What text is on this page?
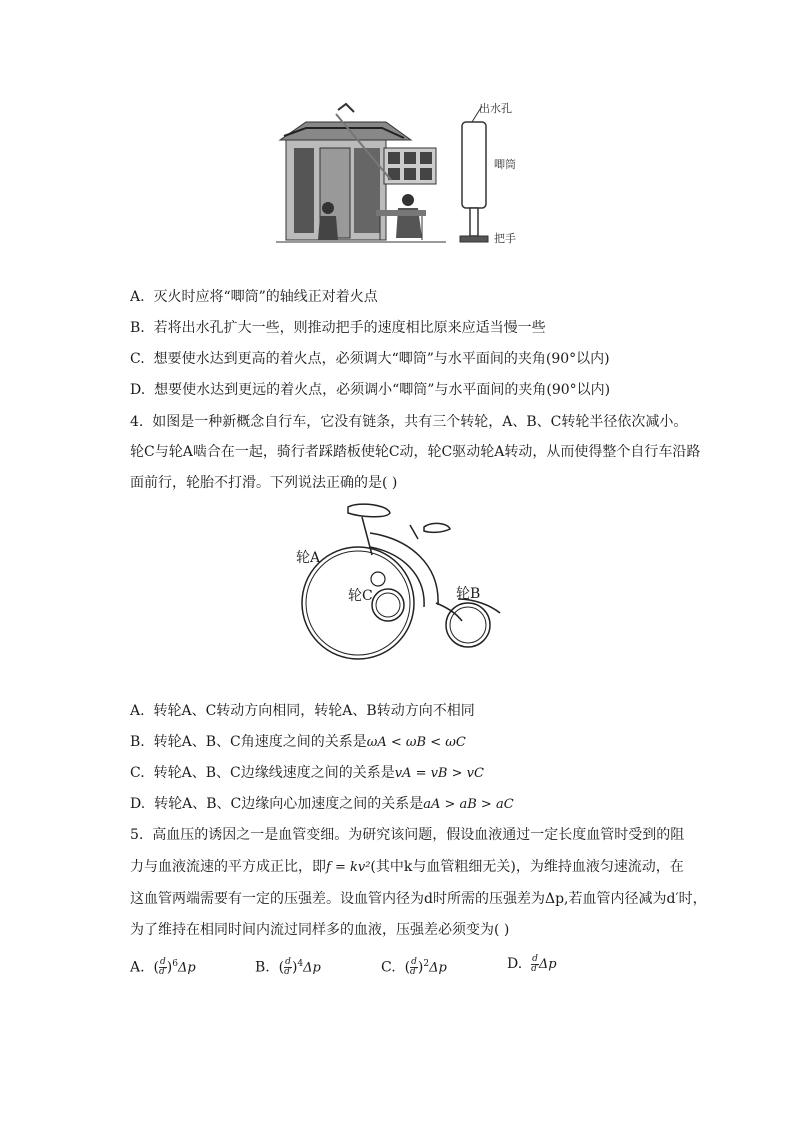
出水孔
唧筒
把手
A. 灭火时应将“唧筒”的轴线正对着火点
B. 若将出水孔扩大一些，则推动把手的速度相比原来应适当慢一些
C. 想要使水达到更高的着火点，必须调大“唧筒”与水平面间的夹角(90°以内)
D. 想要使水达到更远的着火点，必须调小“唧筒”与水平面间的夹角(90°以内)
4. 如图是一种新概念自行车，它没有链条，共有三个转轮，A、B、C转轮半径依次减小。
轮C与轮A啮合在一起，骑行者踩踏板使轮C动，轮C驱动轮A转动，从而使得整个自行车沿路
面前行，轮胎不打滑。下列说法正确的是( )
轮A
轮C	轮B
A. 转轮A、C转动方向相同，转轮A、B转动方向不相同
B. 转轮A、B、C角速度之间的关系是ωA < ωB < ωC
C. 转轮A、B、C边缘线速度之间的关系是vA = vB > vC
D. 转轮A、B、C边缘向心加速度之间的关系是aA > aB > aC
5. 高血压的诱因之一是血管变细。为研究该问题，假设血液通过一定长度血管时受到的阻
力与血液流速的平方成正比，即f = kv²(其中k与血管粗细无关)，为维持血液匀速流动，在
这血管两端需要有一定的压强差。设血管内径为d时所需的压强差为Δp,若血管内径减为d′时，
为了维持在相同时间内流过同样多的血液，压强差必须变为( )
A.  ( $\frac{d}{d'} )^6\Delta p$	B.  ( $\frac{d}{d'} )^4\Delta p$	C.  ( $\frac{d}{d'} )^2\Delta p$	D. $\frac{d}{d'}$ Δp
